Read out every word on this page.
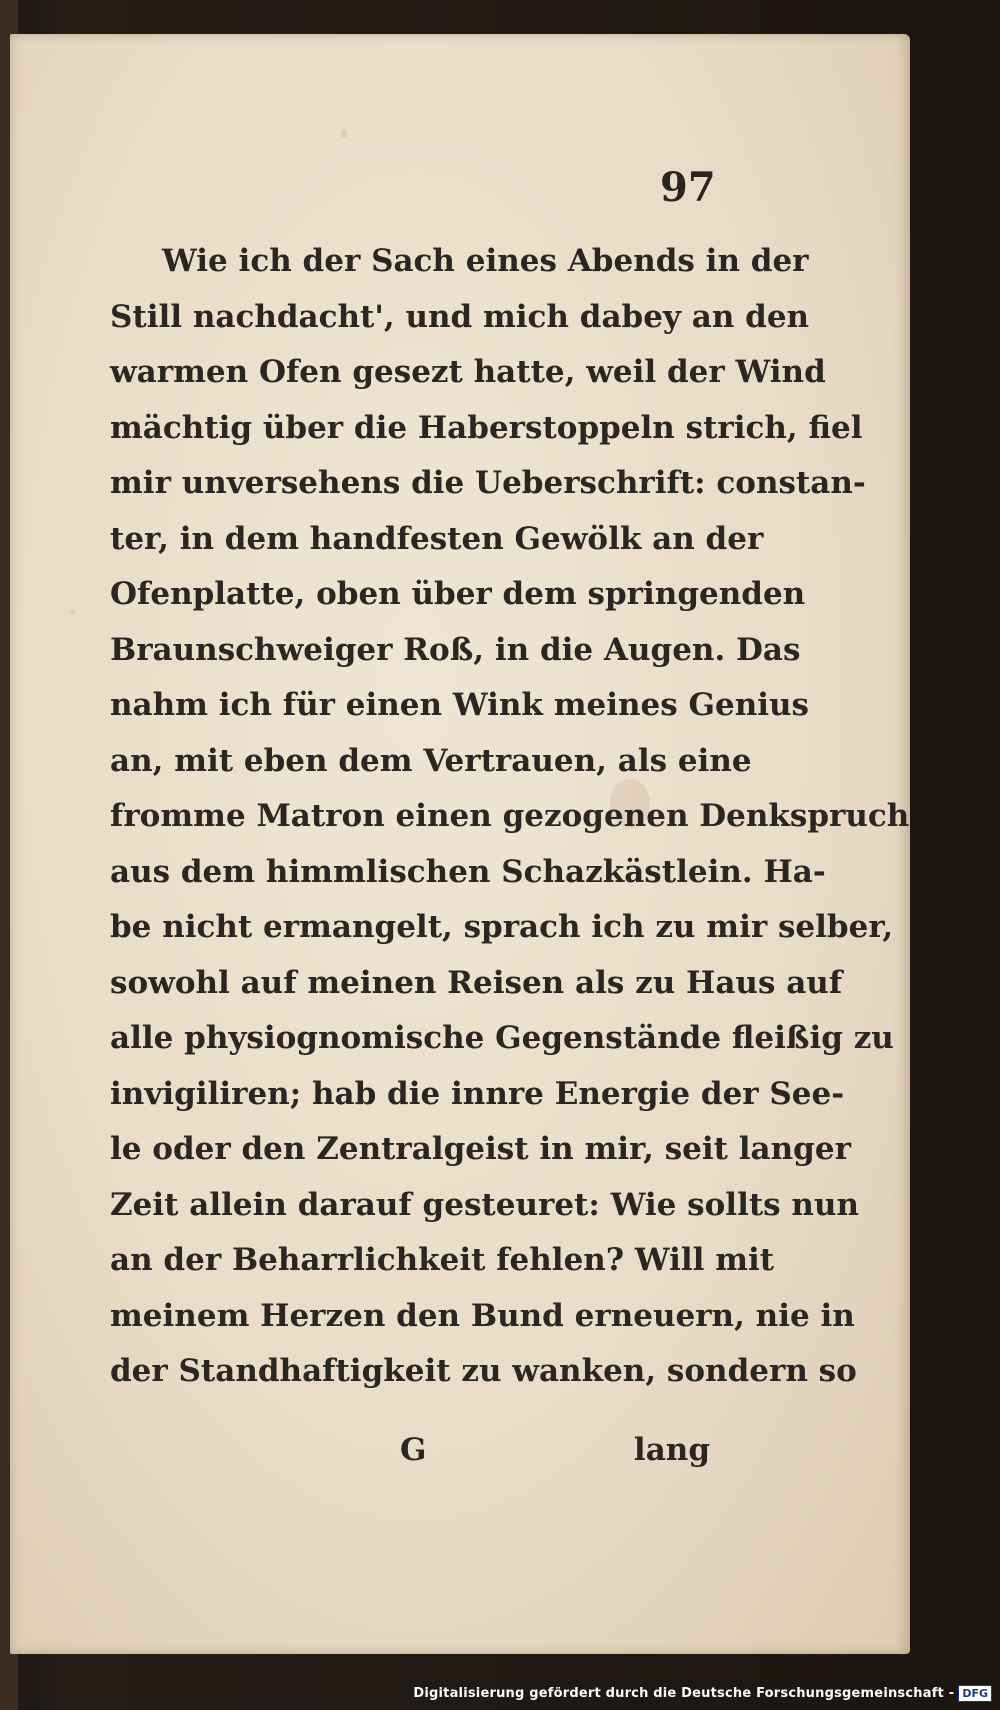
97

Wie ich der Sach eines Abends in der
Still nachdacht', und mich dabey an den
warmen Ofen gesezt hatte, weil der Wind
mächtig über die Haberstoppeln strich, fiel
mir unversehens die Ueberschrift: constan-
ter, in dem handfesten Gewölk an der
Ofenplatte, oben über dem springenden
Braunschweiger Roß, in die Augen. Das
nahm ich für einen Wink meines Genius
an, mit eben dem Vertrauen, als eine
fromme Matron einen gezogenen Denkspruch
aus dem himmlischen Schazkästlein. Ha-
be nicht ermangelt, sprach ich zu mir selber,
sowohl auf meinen Reisen als zu Haus auf
alle physiognomische Gegenstände fleißig zu
invigiliren; hab die innre Energie der See-
le oder den Zentralgeist in mir, seit langer
Zeit allein darauf gesteuret: Wie sollts nun
an der Beharrlichkeit fehlen? Will mit
meinem Herzen den Bund erneuern, nie in
der Standhaftigkeit zu wanken, sondern so
G	lang
Digitalisierung gefördert durch die Deutsche Forschungsgemeinschaft - DFG
